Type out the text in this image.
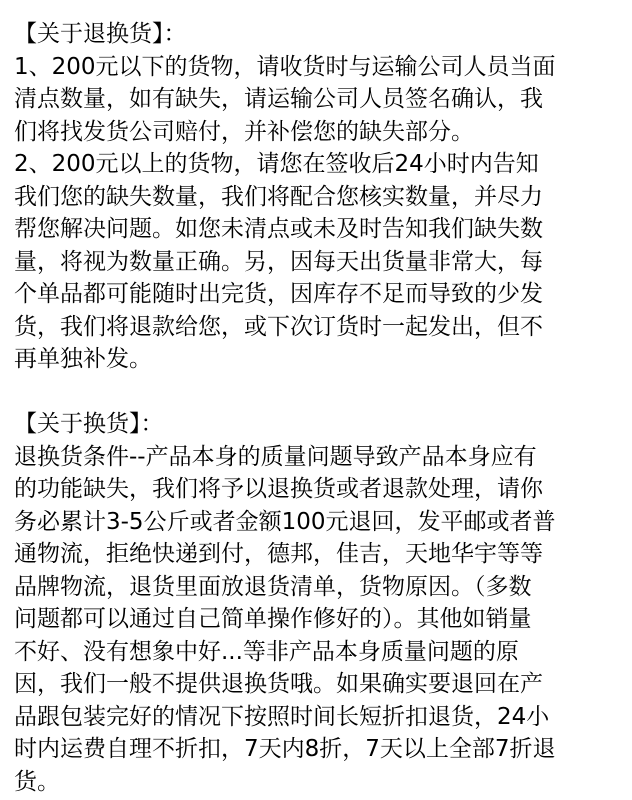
【关于退换货】：
1、200元以下的货物，请收货时与运输公司人员当面
清点数量，如有缺失，请运输公司人员签名确认，我
们将找发货公司赔付，并补偿您的缺失部分。
2、200元以上的货物，请您在签收后24小时内告知
我们您的缺失数量，我们将配合您核实数量，并尽力
帮您解决问题。如您未清点或未及时告知我们缺失数
量，将视为数量正确。另，因每天出货量非常大，每
个单品都可能随时出完货，因库存不足而导致的少发
货，我们将退款给您，或下次订货时一起发出，但不
再单独补发。
【关于换货】：
退换货条件--产品本身的质量问题导致产品本身应有
的功能缺失，我们将予以退换货或者退款处理，请你
务必累计3-5公斤或者金额100元退回，发平邮或者普
通物流，拒绝快递到付，德邦，佳吉，天地华宇等等
品牌物流，退货里面放退货清单，货物原因。（多数
问题都可以通过自己简单操作修好的）。其他如销量
不好、没有想象中好...等非产品本身质量问题的原
因，我们一般不提供退换货哦。如果确实要退回在产
品跟包装完好的情况下按照时间长短折扣退货，24小
时内运费自理不折扣，7天内8折，7天以上全部7折退
货。
